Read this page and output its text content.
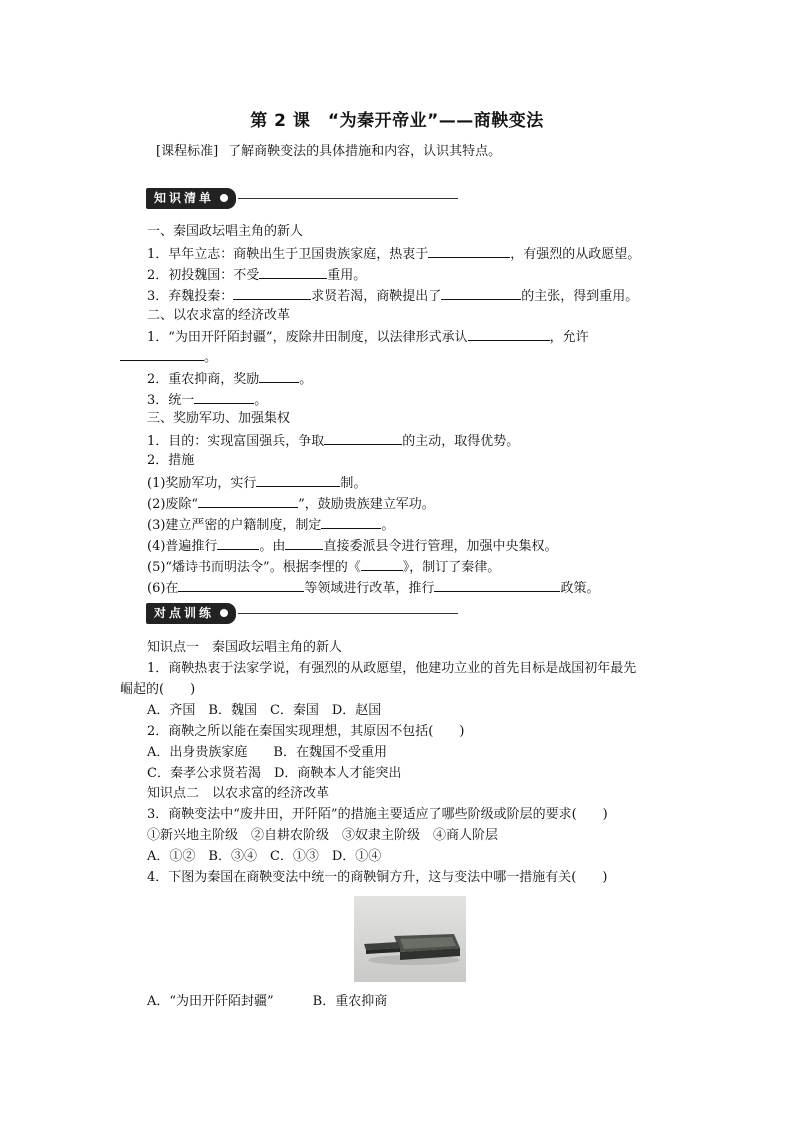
第 2 课　“为秦开帝业”——商鞅变法
[课程标准] 了解商鞅变法的具体措施和内容，认识其特点。
知识清单
一、秦国政坛唱主角的新人
1．早年立志：商鞅出生于卫国贵族家庭，热衷于	，有强烈的从政愿望。
2．初投魏国：不受	重用。
3．弃魏投秦：	求贤若渴，商鞅提出了	的主张，得到重用。
二、以农求富的经济改革
1．“为田开阡陌封疆”，废除井田制度，以法律形式承认	，允许
。
2．重农抑商，奖励	。
3．统一	。
三、奖励军功、加强集权
1．目的：实现富国强兵，争取	的主动，取得优势。
2．措施
(1)奖励军功，实行	制。
(2)废除“	”，鼓励贵族建立军功。
(3)建立严密的户籍制度，制定	。
(4)普遍推行	。由	直接委派县令进行管理，加强中央集权。
(5)“燔诗书而明法令”。根据李悝的《	》，制订了秦律。
(6)在	等领域进行改革，推行	政策。
对点训练
知识点一　秦国政坛唱主角的新人
1．商鞅热衷于法家学说，有强烈的从政愿望，他建功立业的首先目标是战国初年最先
崛起的(　　)
A．齐国　B．魏国　C．秦国　D．赵国
2．商鞅之所以能在秦国实现理想，其原因不包括(　　)
A．出身贵族家庭　　B．在魏国不受重用
C．秦孝公求贤若渴　D．商鞅本人才能突出
知识点二　以农求富的经济改革
3．商鞅变法中“废井田，开阡陌”的措施主要适应了哪些阶级或阶层的要求(　　)
①新兴地主阶级　②自耕农阶级　③奴隶主阶级　④商人阶层
A．①②　B．③④　C．①③　D．①④
4．下图为秦国在商鞅变法中统一的商鞅铜方升，这与变法中哪一措施有关(　　)
A．“为田开阡陌封疆”　　　B．重农抑商
